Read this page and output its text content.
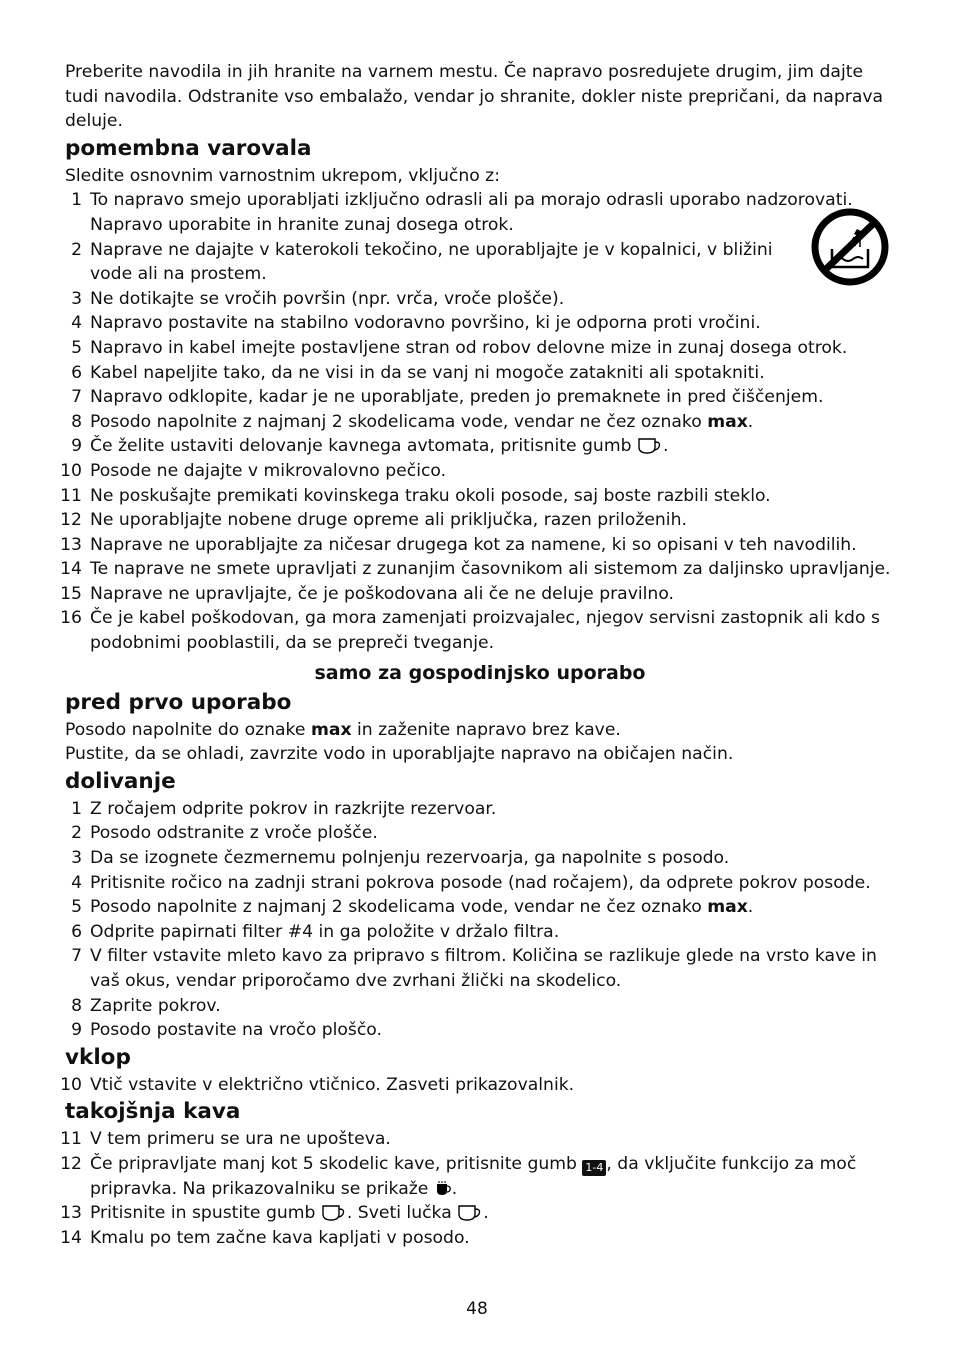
Preberite navodila in jih hranite na varnem mestu. Če napravo posredujete drugim, jim dajte tudi navodila. Odstranite vso embalažo, vendar jo shranite, dokler niste prepričani, da naprava deluje.

pomembna varovala

Sledite osnovnim varnostnim ukrepom, vključno z:

1 To napravo smejo uporabljati izključno odrasli ali pa morajo odrasli uporabo nadzorovati. Napravo uporabite in hranite zunaj dosega otrok.
2 Naprave ne dajajte v katerokoli tekočino, ne uporabljajte je v kopalnici, v bližini vode ali na prostem.
3 Ne dotikajte se vročih površin (npr. vrča, vroče plošče).
4 Napravo postavite na stabilno vodoravno površino, ki je odporna proti vročini.
5 Napravo in kabel imejte postavljene stran od robov delovne mize in zunaj dosega otrok.
6 Kabel napeljite tako, da ne visi in da se vanj ni mogoče zatakniti ali spotakniti.
7 Napravo odklopite, kadar je ne uporabljate, preden jo premaknete in pred čiščenjem.
8 Posodo napolnite z najmanj 2 skodelicama vode, vendar ne čez oznako max.
9 Če želite ustaviti delovanje kavnega avtomata, pritisnite gumb .
10 Posode ne dajajte v mikrovalovno pečico.
11 Ne poskušajte premikati kovinskega traku okoli posode, saj boste razbili steklo.
12 Ne uporabljajte nobene druge opreme ali priključka, razen priloženih.
13 Naprave ne uporabljajte za ničesar drugega kot za namene, ki so opisani v teh navodilih.
14 Te naprave ne smete upravljati z zunanjim časovnikom ali sistemom za daljinsko upravljanje.
15 Naprave ne upravljajte, če je poškodovana ali če ne deluje pravilno.
16 Če je kabel poškodovan, ga mora zamenjati proizvajalec, njegov servisni zastopnik ali kdo s podobnimi pooblastili, da se prepreči tveganje.
samo za gospodinjsko uporabo
pred prvo uporabo

Posodo napolnite do oznake max in zaženite napravo brez kave.

Pustite, da se ohladi, zavrzite vodo in uporabljajte napravo na običajen način.

dolivanje
1 Z ročajem odprite pokrov in razkrijte rezervoar.
2 Posodo odstranite z vroče plošče.
3 Da se izognete čezmernemu polnjenju rezervoarja, ga napolnite s posodo.
4 Pritisnite ročico na zadnji strani pokrova posode (nad ročajem), da odprete pokrov posode.
5 Posodo napolnite z najmanj 2 skodelicama vode, vendar ne čez oznako max.
6 Odprite papirnati filter #4 in ga položite v držalo filtra.
7 V filter vstavite mleto kavo za pripravo s filtrom. Količina se razlikuje glede na vrsto kave in vaš okus, vendar priporočamo dve zvrhani žlički na skodelico.
8 Zaprite pokrov.
9 Posodo postavite na vročo ploščo.
vklop
10 Vtič vstavite v električno vtičnico. Zasveti prikazovalnik.
takojšnja kava
11 V tem primeru se ura ne upošteva.
12 Če pripravljate manj kot 5 skodelic kave, pritisnite gumb 1-4 , da vključite funkcijo za moč pripravka. Na prikazovalniku se prikaže .
13 Pritisnite in spustite gumb . Sveti lučka .
14 Kmalu po tem začne kava kapljati v posodo.
48
